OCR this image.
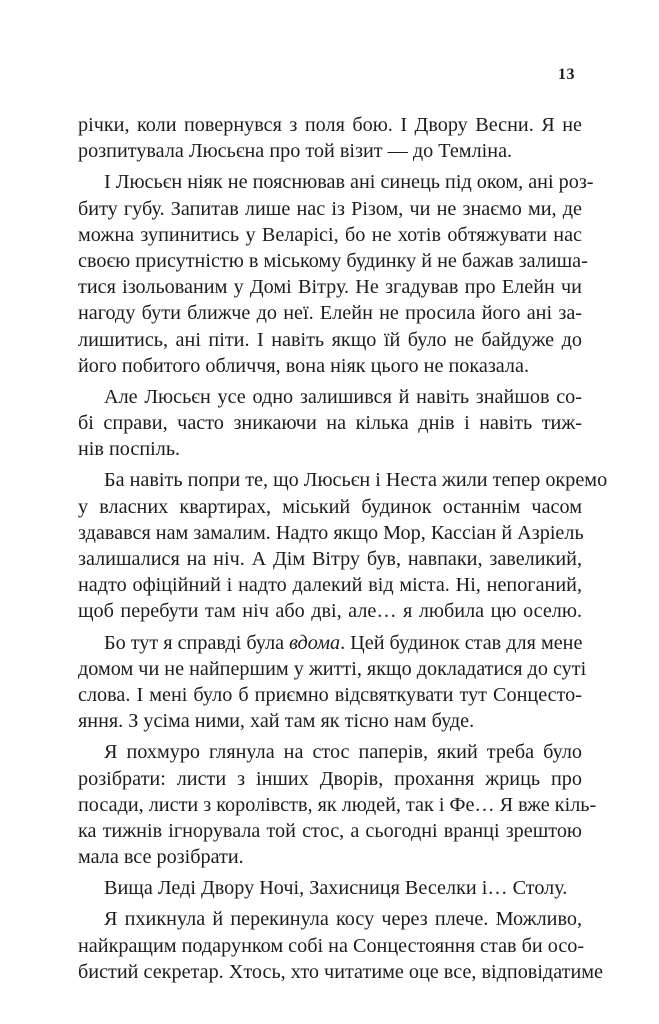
13
річки, коли повернувся з поля бою. І Двору Весни. Я не
розпитувала Люсьєна про той візит — до Темліна.
І Люсьєн ніяк не пояснював ані синець під оком, ані роз-
биту губу. Запитав лише нас із Різом, чи не знаємо ми, де
можна зупинитись у Веларісі, бо не хотів обтяжувати нас
своєю присутністю в міському будинку й не бажав залиша-
тися ізольованим у Домі Вітру. Не згадував про Елейн чи
нагоду бути ближче до неї. Елейн не просила його ані за-
лишитись, ані піти. І навіть якщо їй було не байдуже до
його побитого обличчя, вона ніяк цього не показала.
Але Люсьєн усе одно залишився й навіть знайшов со-
бі справи, часто зникаючи на кілька днів і навіть тиж-
нів поспіль.
Ба навіть попри те, що Люсьєн і Неста жили тепер окремо
у власних квартирах, міський будинок останнім часом
здавався нам замалим. Надто якщо Мор, Кассіан й Азріель
залишалися на ніч. А Дім Вітру був, навпаки, завеликий,
надто офіційний і надто далекий від міста. Ні, непоганий,
щоб перебути там ніч або дві, але… я любила цю оселю.
Бо тут я справді була вдома. Цей будинок став для мене
домом чи не найпершим у житті, якщо докладатися до суті
слова. І мені було б приємно відсвяткувати тут Сонцесто-
яння. З усіма ними, хай там як тісно нам буде.
Я похмуро глянула на стос паперів, який треба було
розібрати: листи з інших Дворів, прохання жриць про
посади, листи з королівств, як людей, так і Фе… Я вже кіль-
ка тижнів ігнорувала той стос, а сьогодні вранці зрештою
мала все розібрати.
Вища Леді Двору Ночі, Захисниця Веселки і… Столу.
Я пхикнула й перекинула косу через плече. Можливо,
найкращим подарунком собі на Сонцестояння став би осо-
бистий секретар. Хтось, хто читатиме оце все, відповідатиме
